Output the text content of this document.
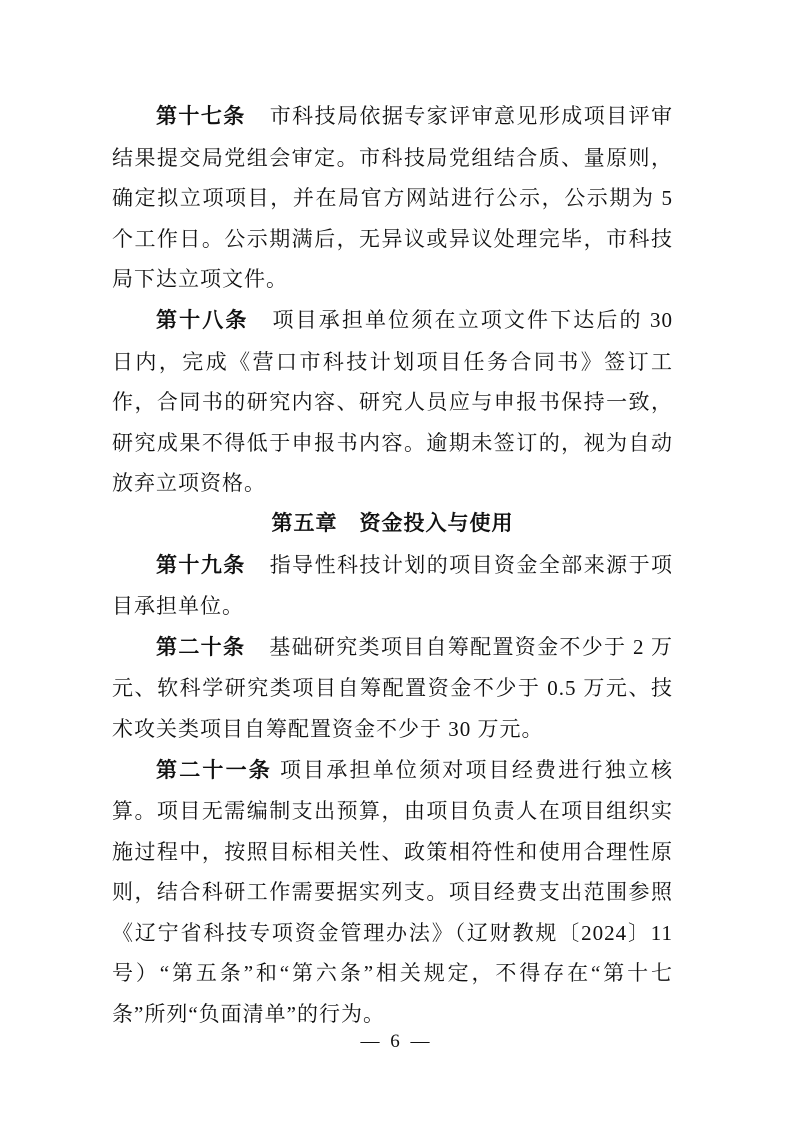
第十七条 市科技局依据专家评审意见形成项目评审结果提交局党组会审定。市科技局党组结合质、量原则，确定拟立项项目，并在局官方网站进行公示，公示期为 5 个工作日。公示期满后，无异议或异议处理完毕，市科技局下达立项文件。

第十八条 项目承担单位须在立项文件下达后的 30 日内，完成《营口市科技计划项目任务合同书》签订工作，合同书的研究内容、研究人员应与申报书保持一致，研究成果不得低于申报书内容。逾期未签订的，视为自动放弃立项资格。

第五章 资金投入与使用

第十九条 指导性科技计划的项目资金全部来源于项目承担单位。

第二十条 基础研究类项目自筹配置资金不少于 2 万元、软科学研究类项目自筹配置资金不少于 0.5 万元、技术攻关类项目自筹配置资金不少于 30 万元。

第二十一条 项目承担单位须对项目经费进行独立核算。项目无需编制支出预算，由项目负责人在项目组织实施过程中，按照目标相关性、政策相符性和使用合理性原则，结合科研工作需要据实列支。项目经费支出范围参照《辽宁省科技专项资金管理办法》（辽财教规〔2024〕11 号）“第五条”和“第六条”相关规定，不得存在“第十七条”所列“负面清单”的行为。

— 6 —
